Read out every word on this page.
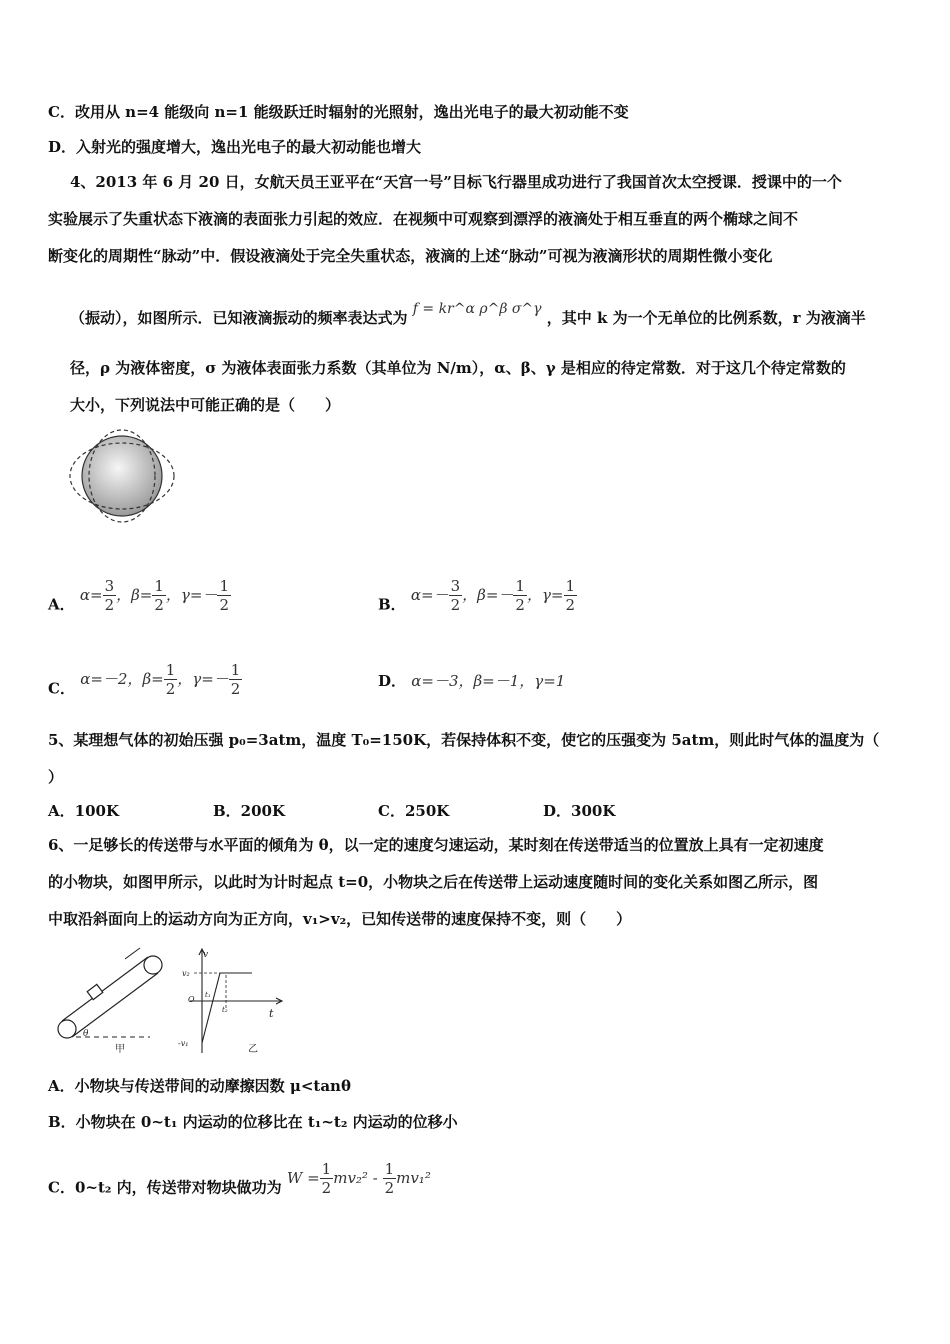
C．改用从 n=4 能级向 n=1 能级跃迁时辐射的光照射，逸出光电子的最大初动能不变
D．入射光的强度增大，逸出光电子的最大初动能也增大
4、2013 年 6 月 20 日，女航天员王亚平在“天宫一号”目标飞行器里成功进行了我国首次太空授课．授课中的一个
实验展示了失重状态下液滴的表面张力引起的效应．在视频中可观察到漂浮的液滴处于相互垂直的两个椭球之间不
断变化的周期性“脉动”中．假设液滴处于完全失重状态，液滴的上述“脉动”可视为液滴形状的周期性微小变化
（振动），如图所示．已知液滴振动的频率表达式为 f = kr^α ρ^β σ^γ ，其中 k 为一个无单位的比例系数，r 为液滴半
径，ρ 为液体密度，σ 为液体表面张力系数（其单位为 N/m），α、β、γ 是相应的待定常数．对于这几个待定常数的
大小，下列说法中可能正确的是（　　）
A． $\alpha= \frac{3}{2}$ ，$\beta= \frac{1}{2}$ ，$\gamma=- \frac{1}{2}$	B． $\alpha=- \frac{3}{2}$ ，$\beta=- \frac{1}{2}$ ，$\gamma= \frac{1}{2}$
C． α=－2，$\beta= \frac{1}{2}$ ，$\gamma=- \frac{1}{2}$	D． α=－3，β=－1，γ=1
5、某理想气体的初始压强 p₀=3atm，温度 T₀=150K，若保持体积不变，使它的压强变为 5atm，则此时气体的温度为（
）
A．100K	B．200K	C．250K	D．300K
6、一足够长的传送带与水平面的倾角为 θ，以一定的速度匀速运动，某时刻在传送带适当的位置放上具有一定初速度
的小物块，如图甲所示，以此时为计时起点 t=0，小物块之后在传送带上运动速度随时间的变化关系如图乙所示，图
中取沿斜面向上的运动方向为正方向，v₁>v₂，已知传送带的速度保持不变，则（　　）
θ
甲
v
v₂
O t₁
t₂	t
-v₁
乙
A．小物块与传送带间的动摩擦因数 μ<tanθ
B．小物块在 0~t₁ 内运动的位移比在 t₁~t₂ 内运动的位移小
C．0~t₂ 内，传送带对物块做功为 $W = \frac{1}{2} mv_2^2 - \frac{1}{2} mv_1^2$
